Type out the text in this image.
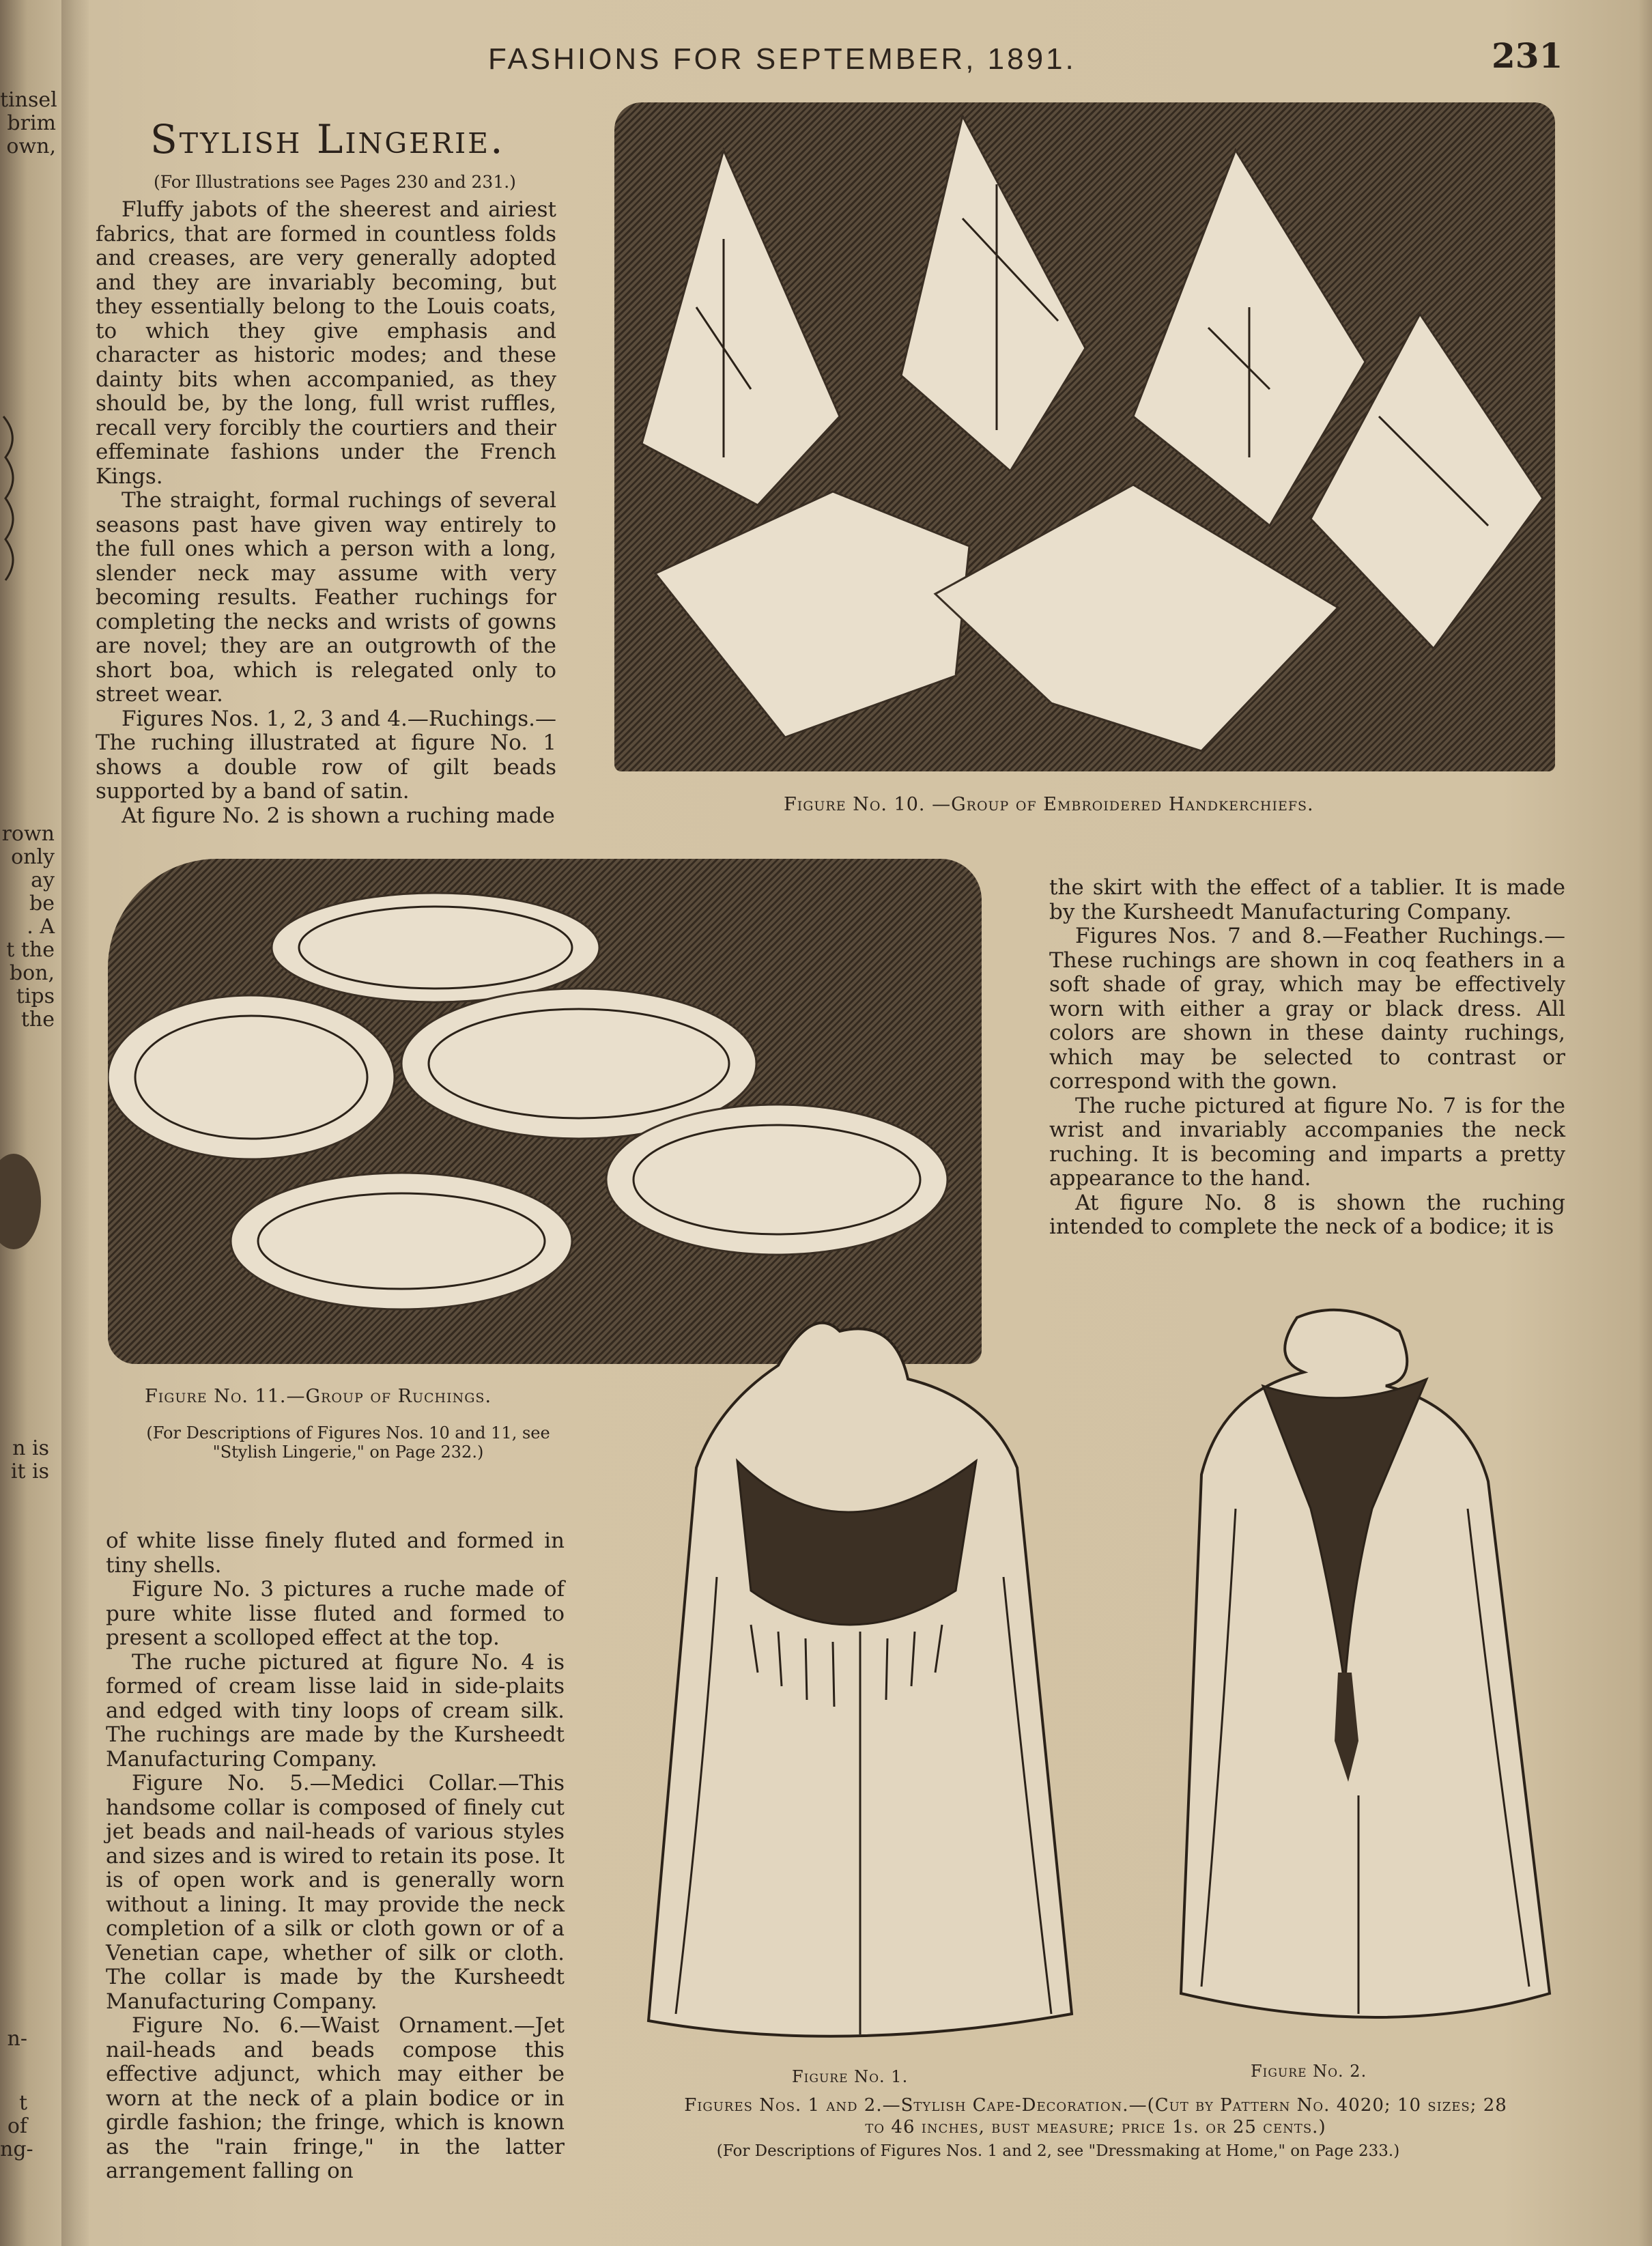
tinsel
brim
own,
rown
only
ay be
. A
t the
bon,
tips
the
n is
it is
n-
t of
ng-
FASHIONS FOR SEPTEMBER, 1891.	231
Stylish Lingerie.
(For Illustrations see Pages 230 and 231.)

Fluffy jabots of the sheerest and airiest fabrics, that are formed in countless folds and creases, are very generally adopted and they are invariably becoming, but they essentially belong to the Louis coats, to which they give emphasis and character as historic modes; and these dainty bits when accompanied, as they should be, by the long, full wrist ruffles, recall very forcibly the courtiers and their effeminate fashions under the French Kings.

The straight, formal ruchings of several seasons past have given way entirely to the full ones which a person with a long, slender neck may assume with very becoming results. Feather ruchings for completing the necks and wrists of gowns are novel; they are an outgrowth of the short boa, which is relegated only to street wear.

Figures Nos. 1, 2, 3 and 4.—Ruchings.—The ruching illustrated at figure No. 1 shows a double row of gilt beads supported by a band of satin.

At figure No. 2 is shown a ruching made	Figure No. 10. —Group of Embroidered Handkerchiefs.
Figure No. 11.—Group of Ruchings.
(For Descriptions of Figures Nos. 10 and 11, see "Stylish Lingerie," on Page 232.)

the skirt with the effect of a tablier. It is made by the Kursheedt Manufacturing Company.

Figures Nos. 7 and 8.—Feather Ruchings.—These ruchings are shown in coq feathers in a soft shade of gray, which may be effectively worn with either a gray or black dress. All colors are shown in these dainty ruchings, which may be selected to contrast or correspond with the gown.

The ruche pictured at figure No. 7 is for the wrist and invariably accompanies the neck ruching. It is becoming and imparts a pretty appearance to the hand.

At figure No. 8 is shown the ruching intended to complete the neck of a bodice; it is

of white lisse finely fluted and formed in tiny shells.

Figure No. 3 pictures a ruche made of pure white lisse fluted and formed to present a scolloped effect at the top.

The ruche pictured at figure No. 4 is formed of cream lisse laid in side-plaits and edged with tiny loops of cream silk. The ruchings are made by the Kursheedt Manufacturing Company.

Figure No. 5.—Medici Collar.—This handsome collar is composed of finely cut jet beads and nail-heads of various styles and sizes and is wired to retain its pose. It is of open work and is generally worn without a lining. It may provide the neck completion of a silk or cloth gown or of a Venetian cape, whether of silk or cloth. The collar is made by the Kursheedt Manufacturing Company.

Figure No. 6.—Waist Ornament.—Jet nail-heads and beads compose this effective adjunct, which may either be worn at the neck of a plain bodice or in girdle fashion; the fringe, which is known as the "rain fringe," in the latter arrangement falling on

Figure No. 1.	Figure No. 2.
Figures Nos. 1 and 2.—Stylish Cape-Decoration.—(Cut by Pattern No. 4020; 10 sizes; 28 to 46 inches, bust measure; price 1s. or 25 cents.)
(For Descriptions of Figures Nos. 1 and 2, see "Dressmaking at Home," on Page 233.)
